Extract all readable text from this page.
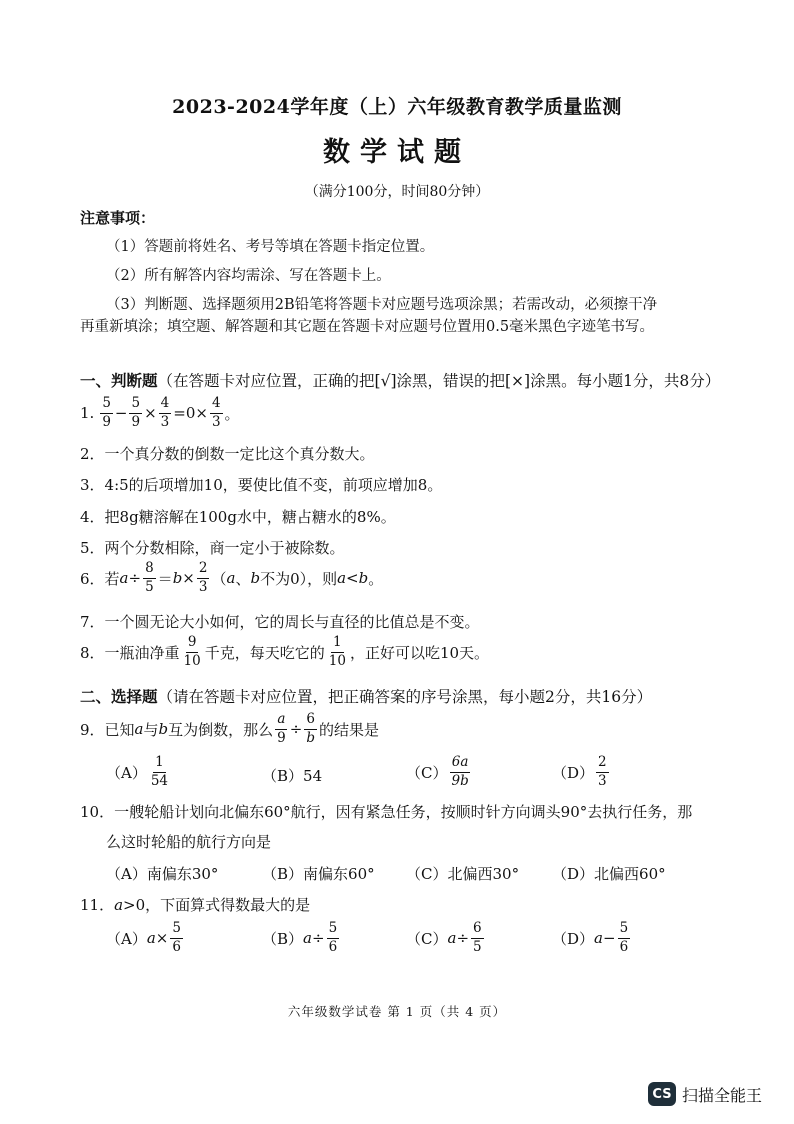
2023-2024学年度（上）六年级教育教学质量监测
数学试题
（满分100分，时间80分钟）
注意事项：
（1）答题前将姓名、考号等填在答题卡指定位置。
（2）所有解答内容均需涂、写在答题卡上。
（3）判断题、选择题须用2B铅笔将答题卡对应题号选项涂黑；若需改动，必须擦干净
再重新填涂；填空题、解答题和其它题在答题卡对应题号位置用0.5毫米黑色字迹笔书写。
一、判断题（在答题卡对应位置，正确的把[√]涂黑，错误的把[×]涂黑。每小题1分，共8分）
1. $\frac{5}{9} - \frac{5}{9} \times \frac{4}{3} =0\times \frac{4}{3}$ 。
2．一个真分数的倒数一定比这个真分数大。
3．4:5的后项增加10，要使比值不变，前项应增加8。
4．把8g糖溶解在100g水中，糖占糖水的8%。
5．两个分数相除，商一定小于被除数。
6．若 $a \div \frac{8}{5} = b \times \frac{2}{3}$ （ a 、 b 不为0），则 a<b 。
7．一个圆无论大小如何，它的周长与直径的比值总是不变。
8．一瓶油净重 $\frac{9}{10}$ 千克，每天吃它的 $\frac{1}{10}$ ，正好可以吃10天。
二、选择题（请在答题卡对应位置，把正确答案的序号涂黑，每小题2分，共16分）
9．已知 a 与 b 互为倒数，那么 $\frac{a}{9} \div \frac{6}{b}$ 的结果是
$(A) \frac{1}{54}$	（B） 54	$(C) \frac{6a}{9b}$	$(D) \frac{2}{3}$
10．一艘轮船计划向北偏东60°航行，因有紧急任务，按顺时针方向调头90°去执行任务，那
么这时轮船的航行方向是
（A）南偏东30°	（B）南偏东60° （C）北偏西30° （D）北偏西60°
11． a >0，下面算式得数最大的是
（A） $a \times \frac{5}{6}$	（B） $a \div \frac{5}{6}$	（C） $a \div \frac{6}{5}$	（D） $a - \frac{5}{6}$
六年级数学试卷 第 1 页（共 4 页）
CS 扫描全能王
